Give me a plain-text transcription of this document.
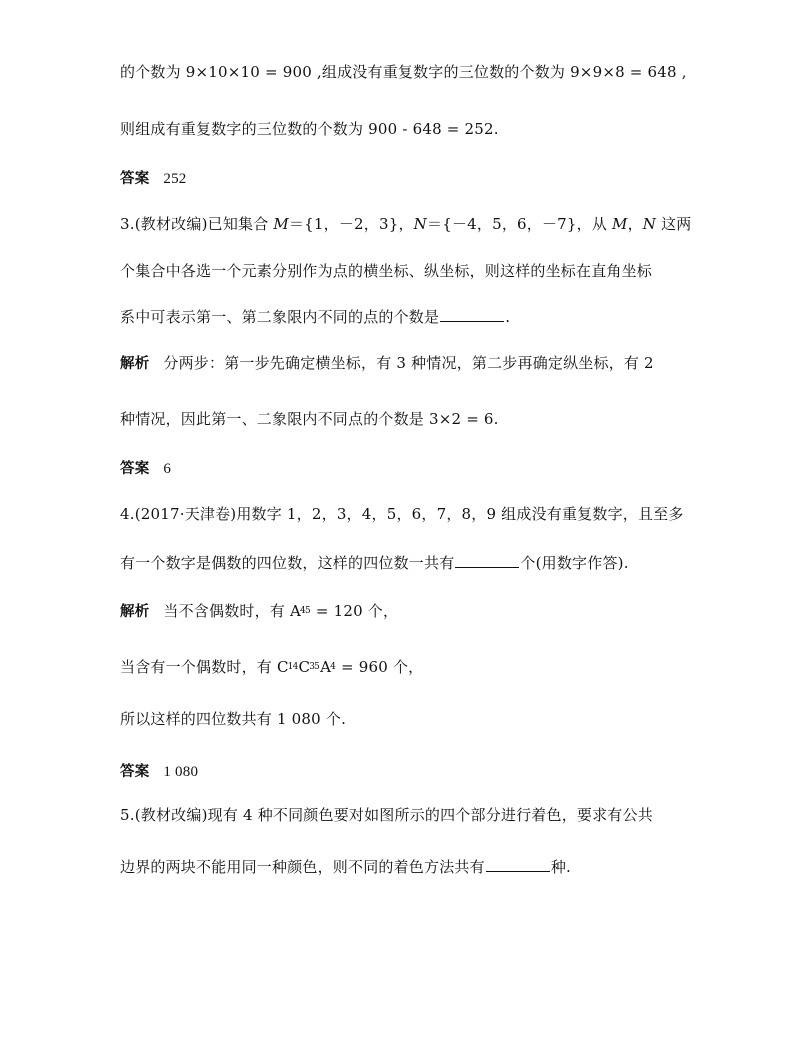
的个数为 9×10×10 = 900 ,组成没有重复数字的三位数的个数为 9×9×8 = 648 ,
则组成有重复数字的三位数的个数为 900 - 648 = 252.
答案 252
3.(教材改编)已知集合 M＝{1，－2，3}，N＝{－4，5，6，－7}，从 M，N 这两
个集合中各选一个元素分别作为点的横坐标、纵坐标，则这样的坐标在直角坐标
系中可表示第一、第二象限内不同的点的个数是	.
解析 分两步：第一步先确定横坐标，有 3 种情况，第二步再确定纵坐标，有 2
种情况，因此第一、二象限内不同点的个数是 3×2 = 6.
答案 6
4.(2017·天津卷)用数字 1，2，3，4，5，6，7，8，9 组成没有重复数字，且至多
有一个数字是偶数的四位数，这样的四位数一共有	个(用数字作答).
解析 当不含偶数时，有 $A^{45} = 120$ 个，
当含有一个偶数时，有 $C^{14}C^{35}A^4 = 960$ 个，
所以这样的四位数共有 1 080 个.
答案 1 080
5.(教材改编)现有 4 种不同颜色要对如图所示的四个部分进行着色，要求有公共
边界的两块不能用同一种颜色，则不同的着色方法共有	种.
